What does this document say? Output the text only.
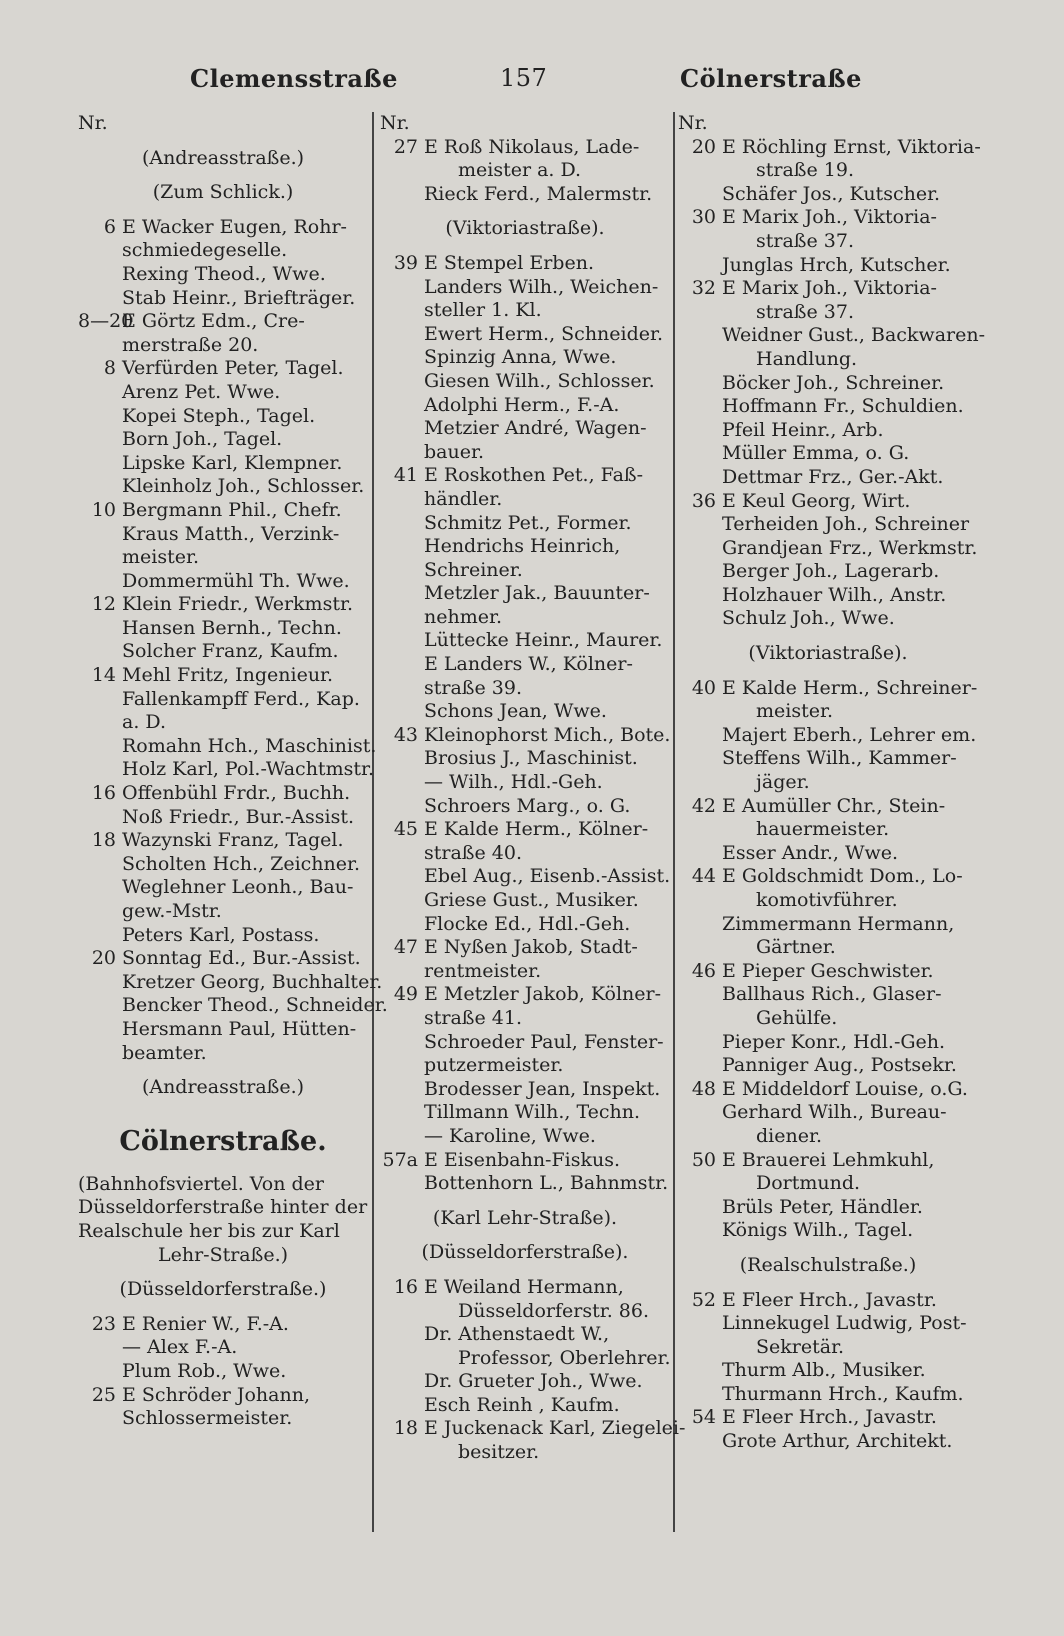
Clemensstraße	157	Cölnerstraße
Nr.
(Andreasstraße.)
(Zum Schlick.)
6 E Wacker Eugen, Rohr-
schmiedegeselle.
Rexing Theod., Wwe.
Stab Heinr., Briefträger.
8—20E Görtz Edm., Cre-
merstraße 20.
8 Verfürden Peter, Tagel.
Arenz Pet. Wwe.
Kopei Steph., Tagel.
Born Joh., Tagel.
Lipske Karl, Klempner.
Kleinholz Joh., Schlosser.
10 Bergmann Phil., Chefr.
Kraus Matth., Verzink-
meister.
Dommermühl Th. Wwe.
12 Klein Friedr., Werkmstr.
Hansen Bernh., Techn.
Solcher Franz, Kaufm.
14 Mehl Fritz, Ingenieur.
Fallenkampff Ferd., Kap.
a. D.
Romahn Hch., Maschinist.
Holz Karl, Pol.-Wachtmstr.
16 Offenbühl Frdr., Buchh.
Noß Friedr., Bur.-Assist.
18 Wazynski Franz, Tagel.
Scholten Hch., Zeichner.
Weglehner Leonh., Bau-
gew.-Mstr.
Peters Karl, Postass.
20 Sonntag Ed., Bur.-Assist.
Kretzer Georg, Buchhalter.
Bencker Theod., Schneider.
Hersmann Paul, Hütten-
beamter.
(Andreasstraße.)
Cölnerstraße.
(Bahnhofsviertel. Von der
Düsseldorferstraße hinter der
Realschule her bis zur Karl
Lehr-Straße.)
(Düsseldorferstraße.)
23 E Renier W., F.-A.
— Alex F.-A.
Plum Rob., Wwe.
25 E Schröder Johann,
Schlossermeister.
Nr.
27 E Roß Nikolaus, Lade-
meister a. D.
Rieck Ferd., Malermstr.
(Viktoriastraße).
39 E Stempel Erben.
Landers Wilh., Weichen-
steller 1. Kl.
Ewert Herm., Schneider.
Spinzig Anna, Wwe.
Giesen Wilh., Schlosser.
Adolphi Herm., F.-A.
Metzier André, Wagen-
bauer.
41 E Roskothen Pet., Faß-
händler.
Schmitz Pet., Former.
Hendrichs Heinrich,
Schreiner.
Metzler Jak., Bauunter-
nehmer.
Lüttecke Heinr., Maurer.
E Landers W., Kölner-
straße 39.
Schons Jean, Wwe.
43 Kleinophorst Mich., Bote.
Brosius J., Maschinist.
— Wilh., Hdl.-Geh.
Schroers Marg., o. G.
45 E Kalde Herm., Kölner-
straße 40.
Ebel Aug., Eisenb.-Assist.
Griese Gust., Musiker.
Flocke Ed., Hdl.-Geh.
47 E Nyßen Jakob, Stadt-
rentmeister.
49 E Metzler Jakob, Kölner-
straße 41.
Schroeder Paul, Fenster-
putzermeister.
Brodesser Jean, Inspekt.
Tillmann Wilh., Techn.
— Karoline, Wwe.
57a E Eisenbahn-Fiskus.
Bottenhorn L., Bahnmstr.
(Karl Lehr-Straße).
(Düsseldorferstraße).
16 E Weiland Hermann,
Düsseldorferstr. 86.
Dr. Athenstaedt W.,
Professor, Oberlehrer.
Dr. Grueter Joh., Wwe.
Esch Reinh , Kaufm.
18 E Juckenack Karl, Ziegelei-
besitzer.
Nr.
20 E Röchling Ernst, Viktoria-
straße 19.
Schäfer Jos., Kutscher.
30 E Marix Joh., Viktoria-
straße 37.
Junglas Hrch, Kutscher.
32 E Marix Joh., Viktoria-
straße 37.
Weidner Gust., Backwaren-
Handlung.
Böcker Joh., Schreiner.
Hoffmann Fr., Schuldien.
Pfeil Heinr., Arb.
Müller Emma, o. G.
Dettmar Frz., Ger.-Akt.
36 E Keul Georg, Wirt.
Terheiden Joh., Schreiner
Grandjean Frz., Werkmstr.
Berger Joh., Lagerarb.
Holzhauer Wilh., Anstr.
Schulz Joh., Wwe.
(Viktoriastraße).
40 E Kalde Herm., Schreiner-
meister.
Majert Eberh., Lehrer em.
Steffens Wilh., Kammer-
jäger.
42 E Aumüller Chr., Stein-
hauermeister.
Esser Andr., Wwe.
44 E Goldschmidt Dom., Lo-
komotivführer.
Zimmermann Hermann,
Gärtner.
46 E Pieper Geschwister.
Ballhaus Rich., Glaser-
Gehülfe.
Pieper Konr., Hdl.-Geh.
Panniger Aug., Postsekr.
48 E Middeldorf Louise, o.G.
Gerhard Wilh., Bureau-
diener.
50 E Brauerei Lehmkuhl,
Dortmund.
Brüls Peter, Händler.
Königs Wilh., Tagel.
(Realschulstraße.)
52 E Fleer Hrch., Javastr.
Linnekugel Ludwig, Post-
Sekretär.
Thurm Alb., Musiker.
Thurmann Hrch., Kaufm.
54 E Fleer Hrch., Javastr.
Grote Arthur, Architekt.
